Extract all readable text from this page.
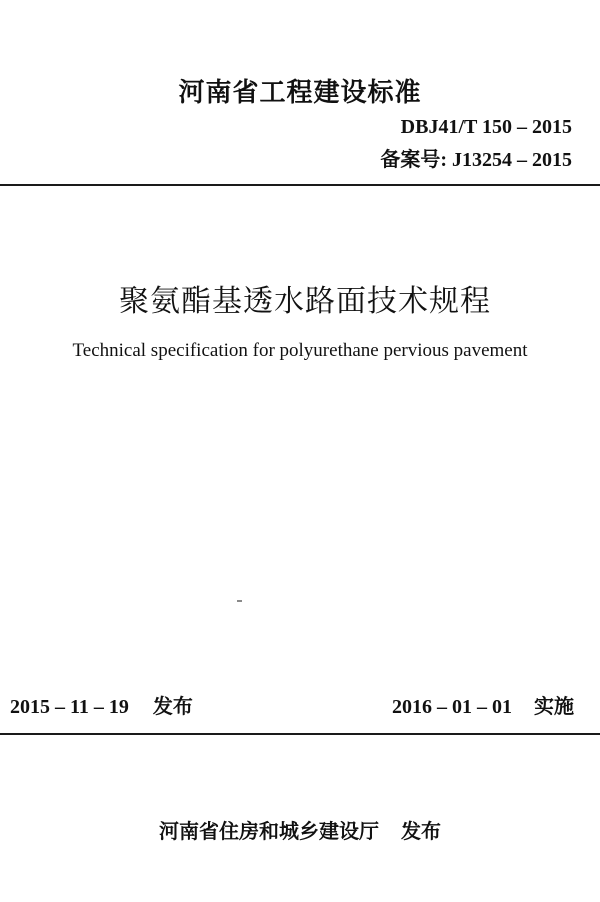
河南省工程建设标准
DBJ41/T 150 – 2015
备案号: J13254 – 2015
聚氨酯基透水路面技术规程
Technical specification for polyurethane pervious pavement
2015 – 11 – 19 发布	2016 – 01 – 01 实施
河南省住房和城乡建设厅 发布
